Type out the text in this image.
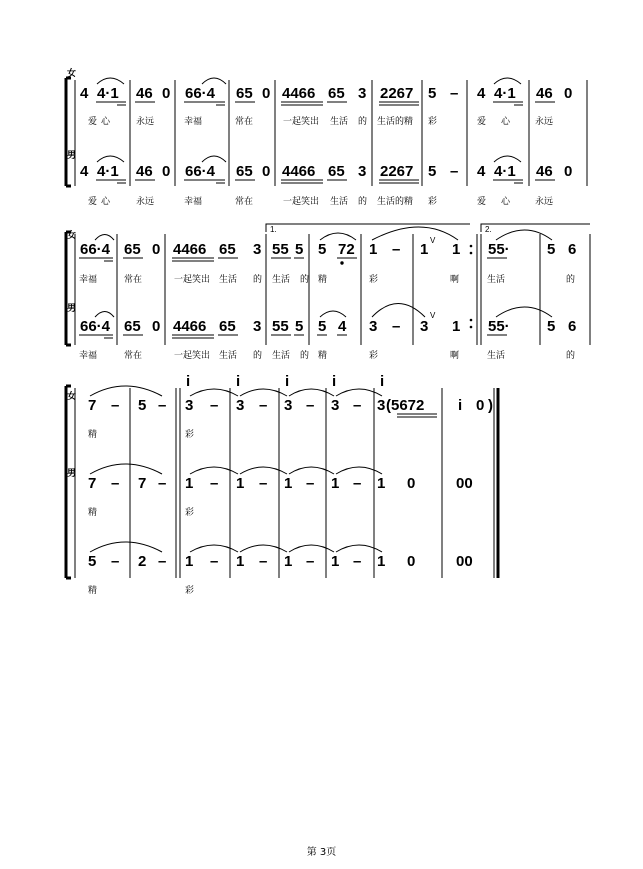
女
男
4 4·1 46 0 66·4 65 0 4466 65 3 2267 5 – 4 4·1 46 0
爱 心	永远	幸福	常在	一起笑出 生活 的 生活的精 彩	爱 心	永远
4 4·1 46 0 66·4 65 0 4466 65 3 2267 5 – 4 4·1 46 0
爱 心	永远	幸福	常在	一起笑出 生活 的 生活的精 彩	爱 心	永远
女
男
1.	2.
V
V
66·4 65 0 4466 65 3 55 5 5 72 1 – 1 1 55· 5 6
幸福	常在	一起笑出 生活 的 生活 的 精	彩	啊	生活	的
66·4 65 0 4466 65 3 55 5 5 4 3 – 3 1 55· 5 6
幸福	常在	一起笑出 生活 的 生活 的 精	彩	啊	生活	的
女
男
7 – 5 – 3 – 3 – 3 – 3 – 3 (5672 i 0 )
i	i	i	i	i
精	彩
7 – 7 – 1 – 1 – 1 – 1 – 1 0	00
精	彩
5 – 2 – 1 – 1 – 1 – 1 – 1 0	00
精	彩
第 3页
